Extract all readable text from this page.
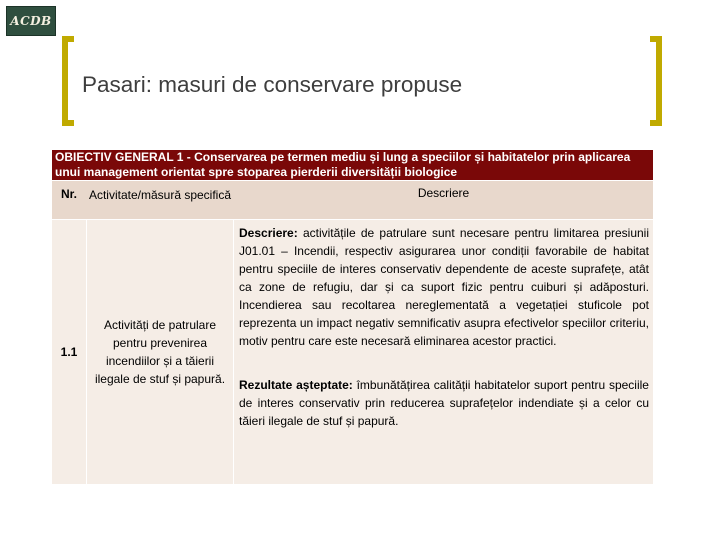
ACDB
Pasari: masuri de conservare propuse
OBIECTIV GENERAL 1 - Conservarea pe termen mediu și lung a speciilor și habitatelor prin aplicarea unui management orientat spre stoparea pierderii diversității biologice
Nr. Activitate/măsură specifică	Descriere
1.1
Activități de patrulare pentru prevenirea incendiilor și a tăierii ilegale de stuf și papură.

Descriere: activitățile de patrulare sunt necesare pentru limitarea presiunii J01.01 – Incendii, respectiv asigurarea unor condiții favorabile de habitat pentru speciile de interes conservativ dependente de aceste suprafețe, atât ca zone de refugiu, dar și ca suport fizic pentru cuiburi și adăposturi. Incendierea sau recoltarea nereglementată a vegetației stuficole pot reprezenta un impact negativ semnificativ asupra efectivelor speciilor criteriu, motiv pentru care este necesară eliminarea acestor practici.

Rezultate așteptate: îmbunătățirea calității habitatelor suport pentru speciile de interes conservativ prin reducerea suprafețelor indendiate și a celor cu tăieri ilegale de stuf și papură.
